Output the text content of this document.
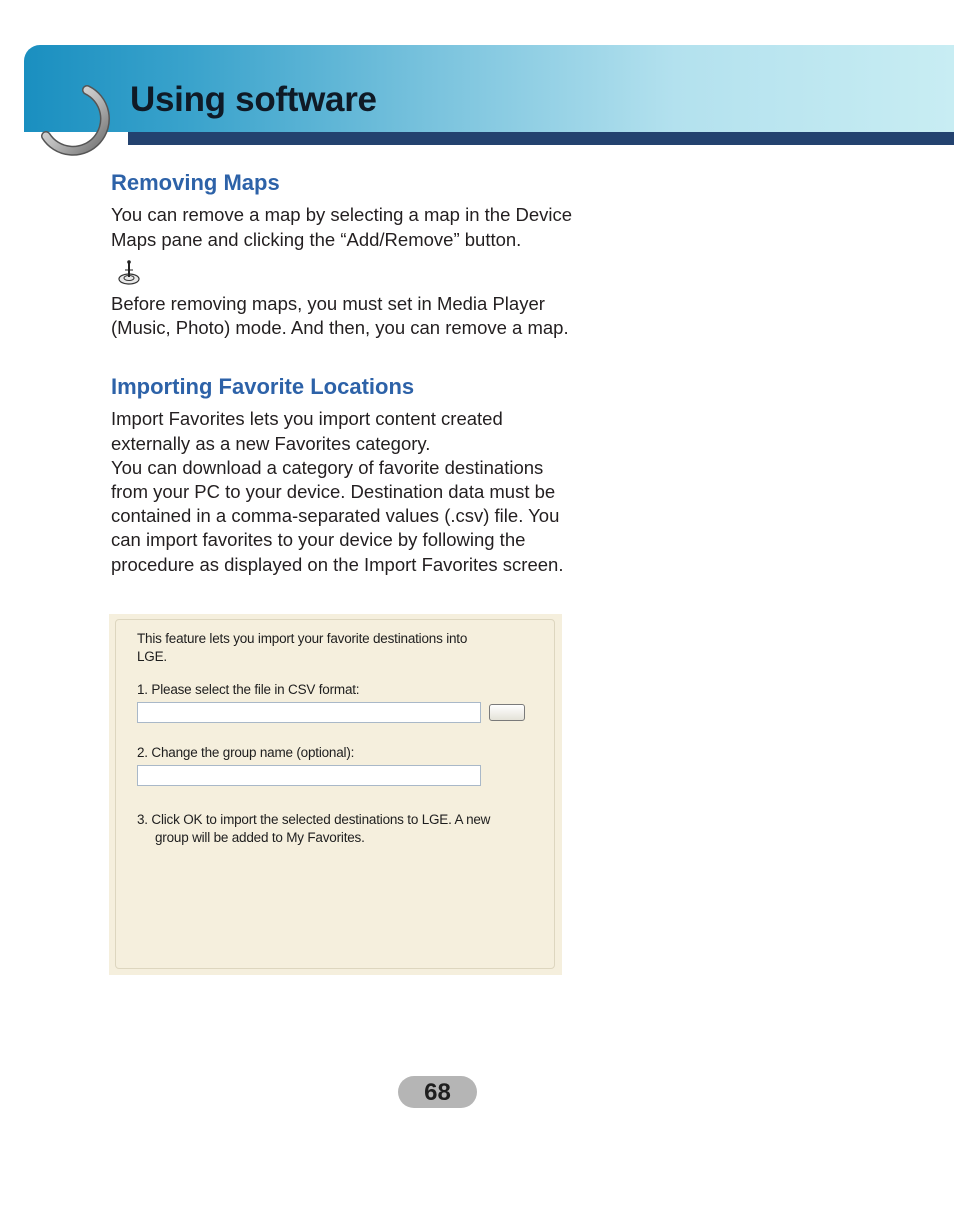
Using software
Removing Maps

You can remove a map by selecting a map in the Device

Maps pane and clicking the “Add/Remove” button.

Before removing maps, you must set in Media Player

(Music, Photo) mode. And then, you can remove a map.

Importing Favorite Locations

Import Favorites lets you import content created

externally as a new Favorites category.

You can download a category of favorite destinations

from your PC to your device. Destination data must be

contained in a comma-separated values (.csv) file. You

can import favorites to your device by following the

procedure as displayed on the Import Favorites screen.

This feature lets you import your favorite destinations into

LGE.

1. Please select the file in CSV format:

2. Change the group name (optional):

3. Click OK to import the selected destinations to LGE. A new

group will be added to My Favorites.

68
